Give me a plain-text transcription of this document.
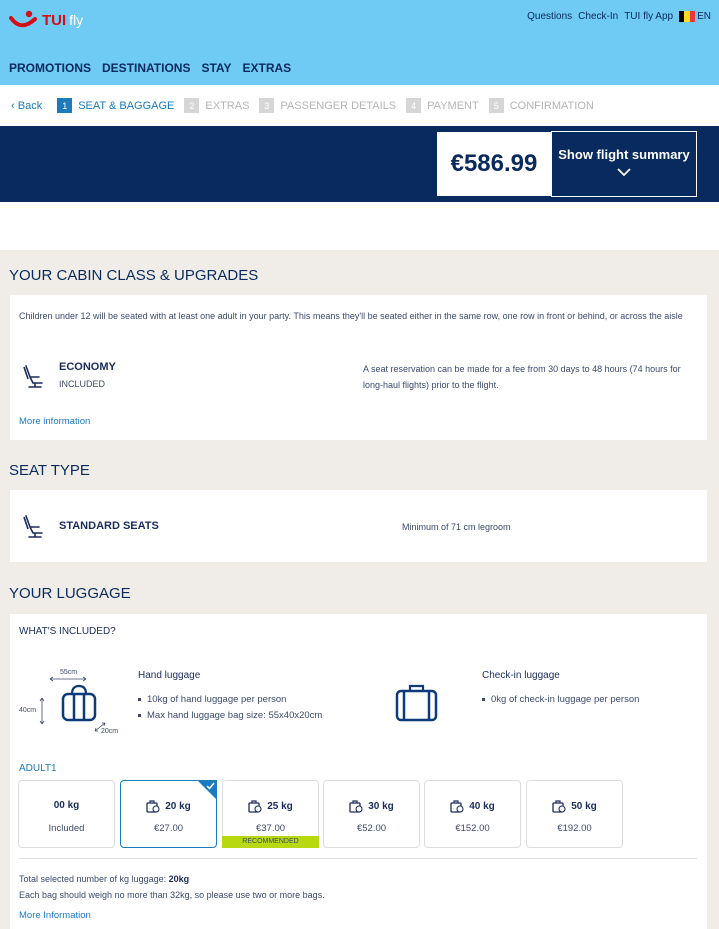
TUI fly	Questions Check-In TUI fly App EN
PROMOTIONS DESTINATIONS STAY EXTRAS
‹ Back	1	SEAT & BAGGAGE	2	EXTRAS	3	PASSENGER DETAILS	4	PAYMENT	5	CONFIRMATION
€586.99	Show flight summary
YOUR CABIN CLASS & UPGRADES
Children under 12 will be seated with at least one adult in your party. This means they'll be seated either in the same row, one row in front or behind, or across the aisle
ECONOMY
INCLUDED
A seat reservation can be made for a fee from 30 days to 48 hours (74 hours for long-haul flights) prior to the flight.
More information
SEAT TYPE
STANDARD SEATS	Minimum of 71 cm legroom
YOUR LUGGAGE
WHAT'S INCLUDED?
55cm
40cm
20cm
Hand luggage
10kg of hand luggage per person
Max hand luggage bag size: 55x40x20cm
Check-in luggage
0kg of check-in luggage per person
ADULT1
Total selected number of kg luggage: 20kg
Each bag should weigh no more than 32kg, so please use two or more bags.
More Information
00 kg
Included
20 kg
€27.00
25 kg
€37.00
RECOMMENDED
30 kg
€52.00
40 kg
€152.00
50 kg
€192.00
